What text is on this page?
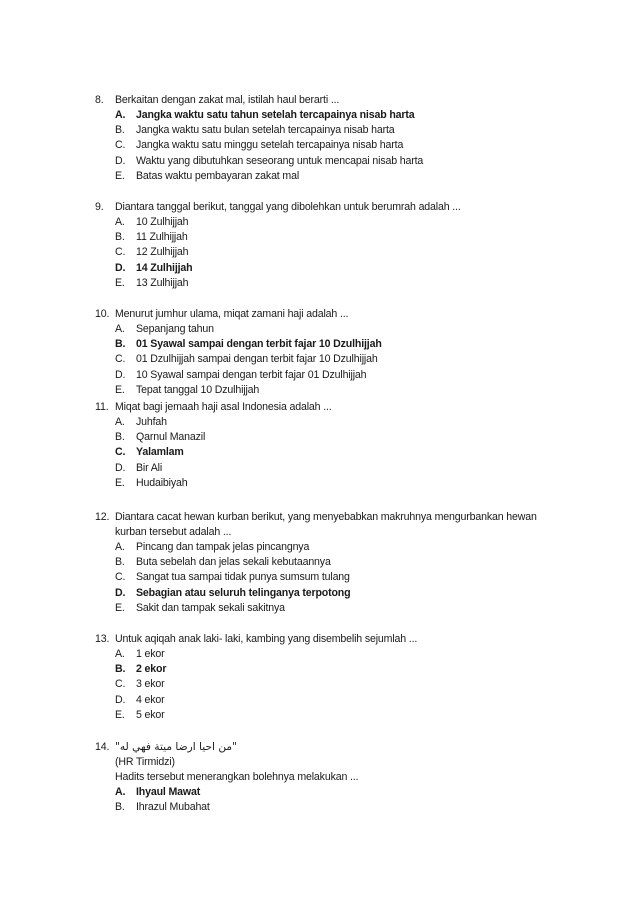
8.	Berkaitan dengan zakat mal, istilah haul berarti ...
A.	Jangka waktu satu tahun setelah tercapainya nisab harta
B.	Jangka waktu satu bulan setelah tercapainya nisab harta
C.	Jangka waktu satu minggu setelah tercapainya nisab harta
D.	Waktu yang dibutuhkan seseorang untuk mencapai nisab harta
E.	Batas waktu pembayaran zakat mal
9.	Diantara tanggal berikut, tanggal yang dibolehkan untuk berumrah adalah ...
A.	10 Zulhijjah
B.	11 Zulhijjah
C.	12 Zulhijjah
D.	14 Zulhijjah
E.	13 Zulhijjah
10. Menurut jumhur ulama, miqat zamani haji adalah ...
A.	Sepanjang tahun
B.	01 Syawal sampai dengan terbit fajar 10 Dzulhijjah
C.	01 Dzulhijjah sampai dengan terbit fajar 10 Dzulhijjah
D.	10 Syawal sampai dengan terbit fajar 01 Dzulhijjah
E.	Tepat tanggal 10 Dzulhijjah
11. Miqat bagi jemaah haji asal Indonesia adalah ...
A.	Juhfah
B.	Qarnul Manazil
C.	Yalamlam
D.	Bir Ali
E.	Hudaibiyah
12. Diantara cacat hewan kurban berikut, yang menyebabkan makruhnya mengurbankan hewan
kurban tersebut adalah ...
A.	Pincang dan tampak jelas pincangnya
B.	Buta sebelah dan jelas sekali kebutaannya
C.	Sangat tua sampai tidak punya sumsum tulang
D.	Sebagian atau seluruh telinganya terpotong
E.	Sakit dan tampak sekali sakitnya
13. Untuk aqiqah anak laki- laki, kambing yang disembelih sejumlah ...
A.	1 ekor
B.	2 ekor
C.	3 ekor
D.	4 ekor
E.	5 ekor
14. "من احيا ارضا ميتة فهي له"
(HR Tirmidzi)
Hadits tersebut menerangkan bolehnya melakukan ...
A.	Ihyaul Mawat
B.	Ihrazul Mubahat
